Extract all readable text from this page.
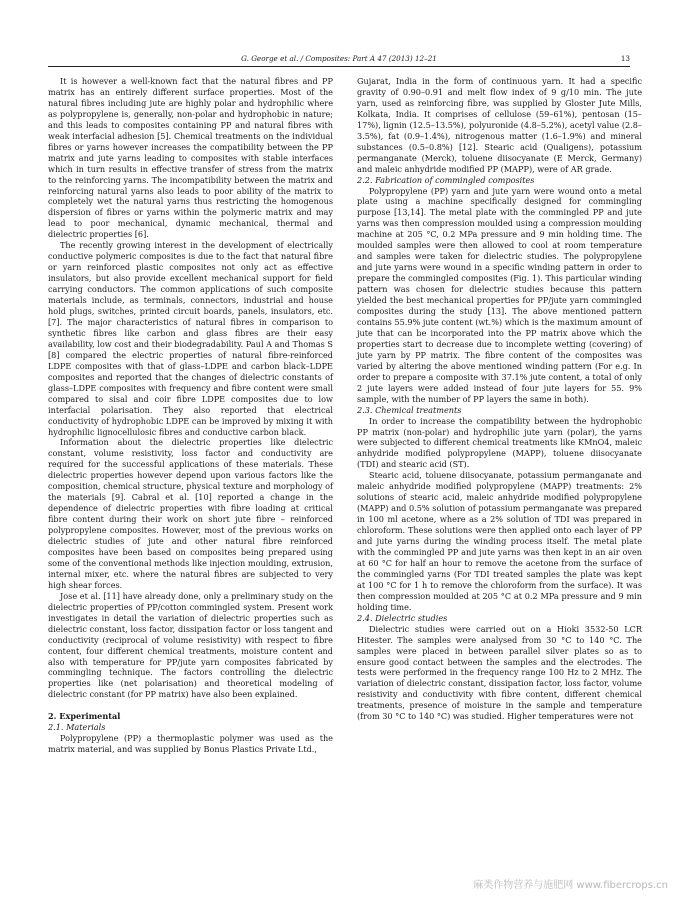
G. George et al. / Composites: Part A 47 (2013) 12–21	13

It is however a well-known fact that the natural fibres and PP matrix has an entirely different surface properties. Most of the natural fibres including jute are highly polar and hydrophilic where as polypropylene is, generally, non-polar and hydrophobic in nature; and this leads to composites containing PP and natural fibres with weak interfacial adhesion [5]. Chemical treatments on the individual fibres or yarns however increases the compatibility between the PP matrix and jute yarns leading to composites with stable interfaces which in turn results in effective transfer of stress from the matrix to the reinforcing yarns. The incompatibility between the matrix and reinforcing natural yarns also leads to poor ability of the matrix to completely wet the natural yarns thus restricting the homogenous dispersion of fibres or yarns within the polymeric matrix and may lead to poor mechanical, dynamic mechanical, thermal and dielectric properties [6].

The recently growing interest in the development of electrically conductive polymeric composites is due to the fact that natural fibre or yarn reinforced plastic composites not only act as effective insulators, but also provide excellent mechanical support for field carrying conductors. The common applications of such composite materials include, as terminals, connectors, industrial and house hold plugs, switches, printed circuit boards, panels, insulators, etc. [7]. The major characteristics of natural fibres in comparison to synthetic fibres like carbon and glass fibres are their easy availability, low cost and their biodegradability. Paul A and Thomas S [8] compared the electric properties of natural fibre-reinforced LDPE composites with that of glass–LDPE and carbon black–LDPE composites and reported that the changes of dielectric constants of glass–LDPE composites with frequency and fibre content were small compared to sisal and coir fibre LDPE composites due to low interfacial polarisation. They also reported that electrical conductivity of hydrophobic LDPE can be improved by mixing it with hydrophilic lignocellulosic fibres and conductive carbon black.

Information about the dielectric properties like dielectric constant, volume resistivity, loss factor and conductivity are required for the successful applications of these materials. These dielectric properties however depend upon various factors like the composition, chemical structure, physical texture and morphology of the materials [9]. Cabral et al. [10] reported a change in the dependence of dielectric properties with fibre loading at critical fibre content during their work on short jute fibre – reinforced polypropylene composites. However, most of the previous works on dielectric studies of jute and other natural fibre reinforced composites have been based on composites being prepared using some of the conventional methods like injection moulding, extrusion, internal mixer, etc. where the natural fibres are subjected to very high shear forces.

Jose et al. [11] have already done, only a preliminary study on the dielectric properties of PP/cotton commingled system. Present work investigates in detail the variation of dielectric properties such as dielectric constant, loss factor, dissipation factor or loss tangent and conductivity (reciprocal of volume resistivity) with respect to fibre content, four different chemical treatments, moisture content and also with temperature for PP/jute yarn composites fabricated by commingling technique. The factors controlling the dielectric properties like (net polarisation) and theoretical modeling of dielectric constant (for PP matrix) have also been explained.

2. Experimental

2.1. Materials

Polypropylene (PP) a thermoplastic polymer was used as the matrix material, and was supplied by Bonus Plastics Private Ltd.,

Gujarat, India in the form of continuous yarn. It had a specific gravity of 0.90–0.91 and melt flow index of 9 g/10 min. The jute yarn, used as reinforcing fibre, was supplied by Gloster Jute Mills, Kolkata, India. It comprises of cellulose (59–61%), pentosan (15–17%), lignin (12.5–13.5%), polyuronide (4.8–5.2%), acetyl value (2.8–3.5%), fat (0.9–1.4%), nitrogenous matter (1.6–1.9%) and mineral substances (0.5–0.8%) [12]. Stearic acid (Qualigens), potassium permanganate (Merck), toluene diisocyanate (E Merck, Germany) and maleic anhydride modified PP (MAPP), were of AR grade.

2.2. Fabrication of commingled composites

Polypropylene (PP) yarn and jute yarn were wound onto a metal plate using a machine specifically designed for commingling purpose [13,14]. The metal plate with the commingled PP and jute yarns was then compression moulded using a compression moulding machine at 205 °C, 0.2 MPa pressure and 9 min holding time. The moulded samples were then allowed to cool at room temperature and samples were taken for dielectric studies. The polypropylene and jute yarns were wound in a specific winding pattern in order to prepare the commingled composites (Fig. 1). This particular winding pattern was chosen for dielectric studies because this pattern yielded the best mechanical properties for PP/jute yarn commingled composites during the study [13]. The above mentioned pattern contains 55.9% jute content (wt.%) which is the maximum amount of jute that can be incorporated into the PP matrix above which the properties start to decrease due to incomplete wetting (covering) of jute yarn by PP matrix. The fibre content of the composites was varied by altering the above mentioned winding pattern (For e.g. In order to prepare a composite with 37.1% jute content, a total of only 2 jute layers were added instead of four jute layers for 55. 9% sample, with the number of PP layers the same in both).

2.3. Chemical treatments

In order to increase the compatibility between the hydrophobic PP matrix (non-polar) and hydrophilic jute yarn (polar), the yarns were subjected to different chemical treatments like KMnO4, maleic anhydride modified polypropylene (MAPP), toluene diisocyanate (TDI) and stearic acid (ST).

Stearic acid, toluene diisocyanate, potassium permanganate and maleic anhydride modified polypropylene (MAPP) treatments: 2% solutions of stearic acid, maleic anhydride modified polypropylene (MAPP) and 0.5% solution of potassium permanganate was prepared in 100 ml acetone, where as a 2% solution of TDI was prepared in chloroform. These solutions were then applied onto each layer of PP and jute yarns during the winding process itself. The metal plate with the commingled PP and jute yarns was then kept in an air oven at 60 °C for half an hour to remove the acetone from the surface of the commingled yarns (For TDI treated samples the plate was kept at 100 °C for 1 h to remove the chloroform from the surface). It was then compression moulded at 205 °C at 0.2 MPa pressure and 9 min holding time.

2.4. Dielectric studies

Dielectric studies were carried out on a Hioki 3532-50 LCR Hitester. The samples were analysed from 30 °C to 140 °C. The samples were placed in between parallel silver plates so as to ensure good contact between the samples and the electrodes. The tests were performed in the frequency range 100 Hz to 2 MHz. The variation of dielectric constant, dissipation factor, loss factor, volume resistivity and conductivity with fibre content, different chemical treatments, presence of moisture in the sample and temperature (from 30 °C to 140 °C) was studied. Higher temperatures were not

麻类作物营养与施肥网 www.fibercrops.cn
